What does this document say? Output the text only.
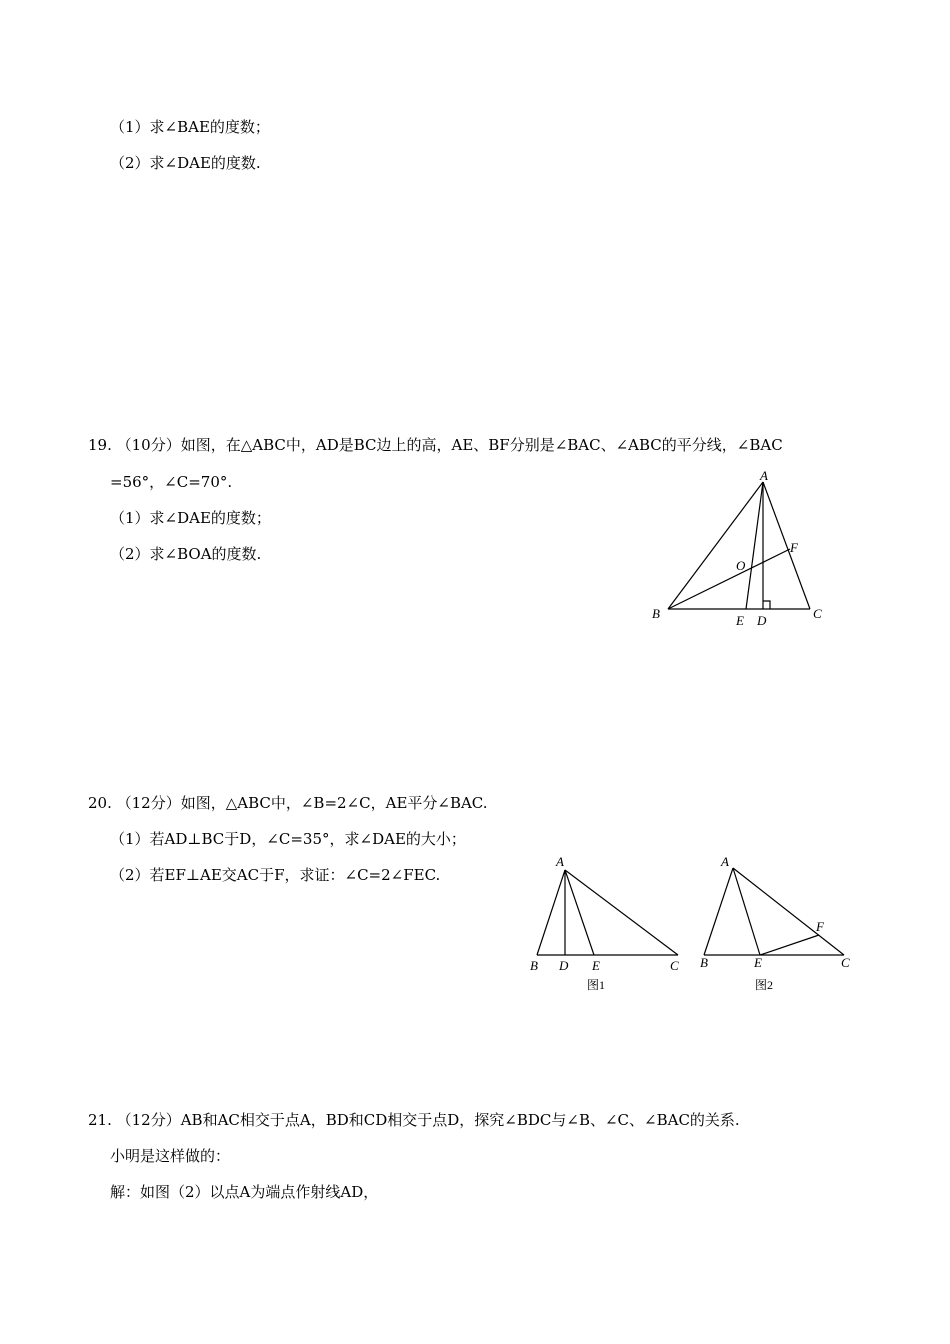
（1）求∠BAE的度数；
（2）求∠DAE的度数.
19. （10分）如图，在△ABC中，AD是BC边上的高，AE、BF分别是∠BAC、∠ABC的平分线，∠BAC
=56°，∠C=70°.
（1）求∠DAE的度数；
（2）求∠BOA的度数.
A
B	C
D
E
F
O
20. （12分）如图，△ABC中，∠B=2∠C，AE平分∠BAC.
（1）若AD⊥BC于D，∠C=35°，求∠DAE的大小；
（2）若EF⊥AE交AC于F，求证：∠C=2∠FEC.
A
B D E	C
图1
A
B	E
F
C
图2
21. （12分）AB和AC相交于点A，BD和CD相交于点D，探究∠BDC与∠B、∠C、∠BAC的关系.
小明是这样做的：
解：如图（2）以点A为端点作射线AD，
